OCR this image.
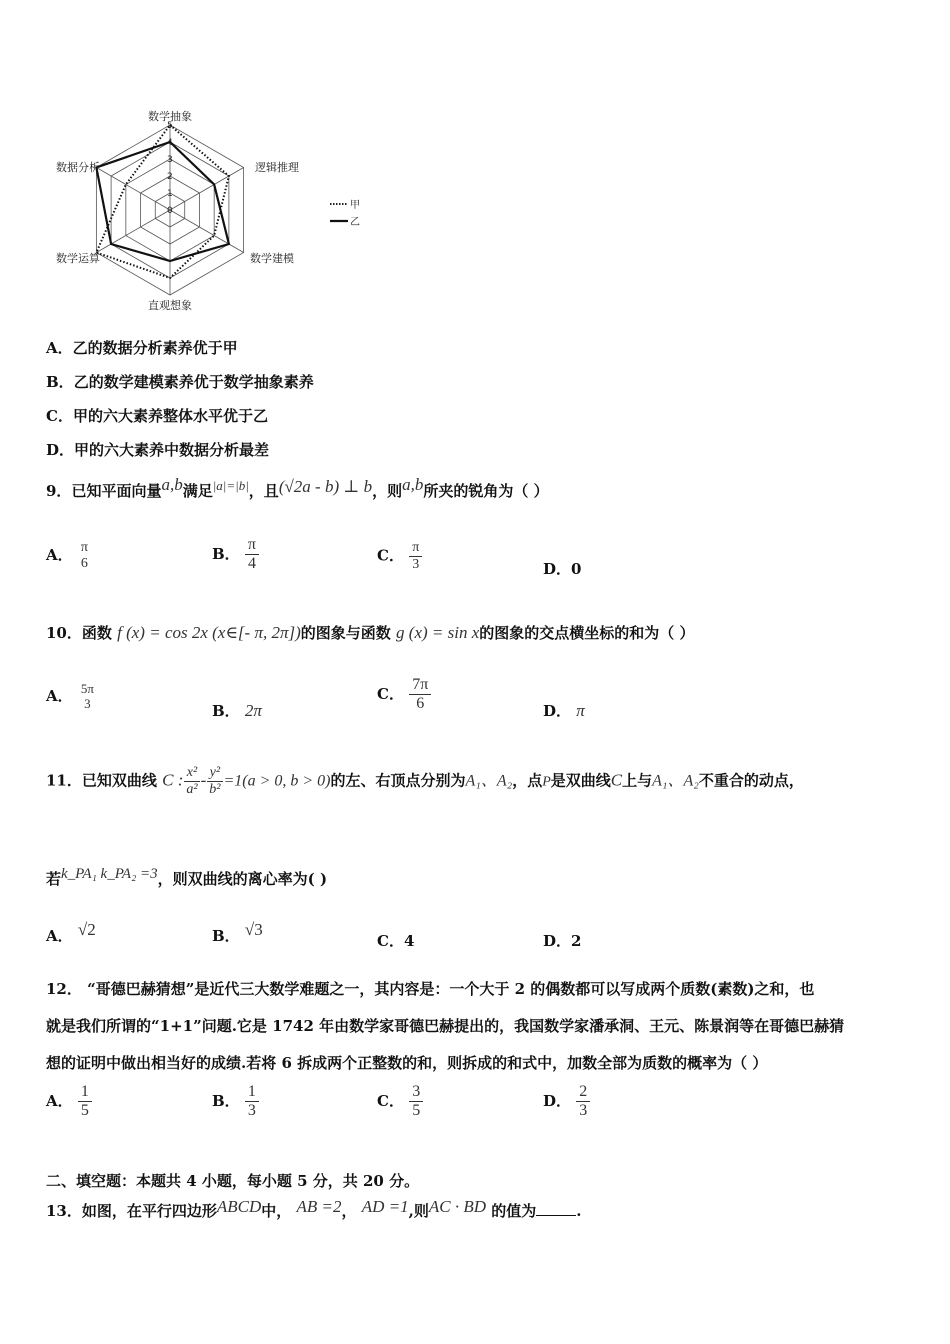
0
1
2
3
4
5
数学抽象
逻辑推理
数学建模
直观想象
数学运算
数据分析
甲
乙
A．乙的数据分析素养优于甲
B．乙的数学建模素养优于数学抽象素养
C．甲的六大素养整体水平优于乙
D．甲的六大素养中数据分析最差
9．已知平面向量a,b满足|a|=|b|，且(√2a - b) ⊥ b，则a,b所夹的锐角为（ ）
A． π
6
B． $\frac{\pi}{4}$	C． $\frac{\pi}{3}$	D．0
10．函数 f (x) = cos 2x (x∈[- π, 2π])的图象与函数 g (x) = sin x的图象的交点横坐标的和为（ ）
A． 5π
3	B． 2π
C． $\frac{7\pi}{6}$	D． π
11．已知双曲线 C : $\frac{\text{x²}}{\text{a²}} - \frac{\text{y²}}{\text{b²}} =1(a > 0$, b > 0)的左、右顶点分别为A₁、A₂，点P是双曲线C上与A₁、A₂不重合的动点，
若k_PA₁ k_PA₂ =3，则双曲线的离心率为( )
A． √2	B． √3
C．4	D．2
12． “哥德巴赫猜想”是近代三大数学难题之一，其内容是：一个大于 2 的偶数都可以写成两个质数(素数)之和，也
就是我们所谓的“1+1”问题.它是 1742 年由数学家哥德巴赫提出的，我国数学家潘承洞、王元、陈景润等在哥德巴赫猜
想的证明中做出相当好的成绩.若将 6 拆成两个正整数的和，则拆成的和式中，加数全部为质数的概率为（ ）
A． $\frac{1}{5}$	B． $\frac{1}{3}$	C． $\frac{3}{5}$	D． $\frac{2}{3}$
二、填空题：本题共 4 小题，每小题 5 分，共 20 分。
13．如图，在平行四边形ABCD中， AB =2， AD =1,则AC · BD 的值为	.
